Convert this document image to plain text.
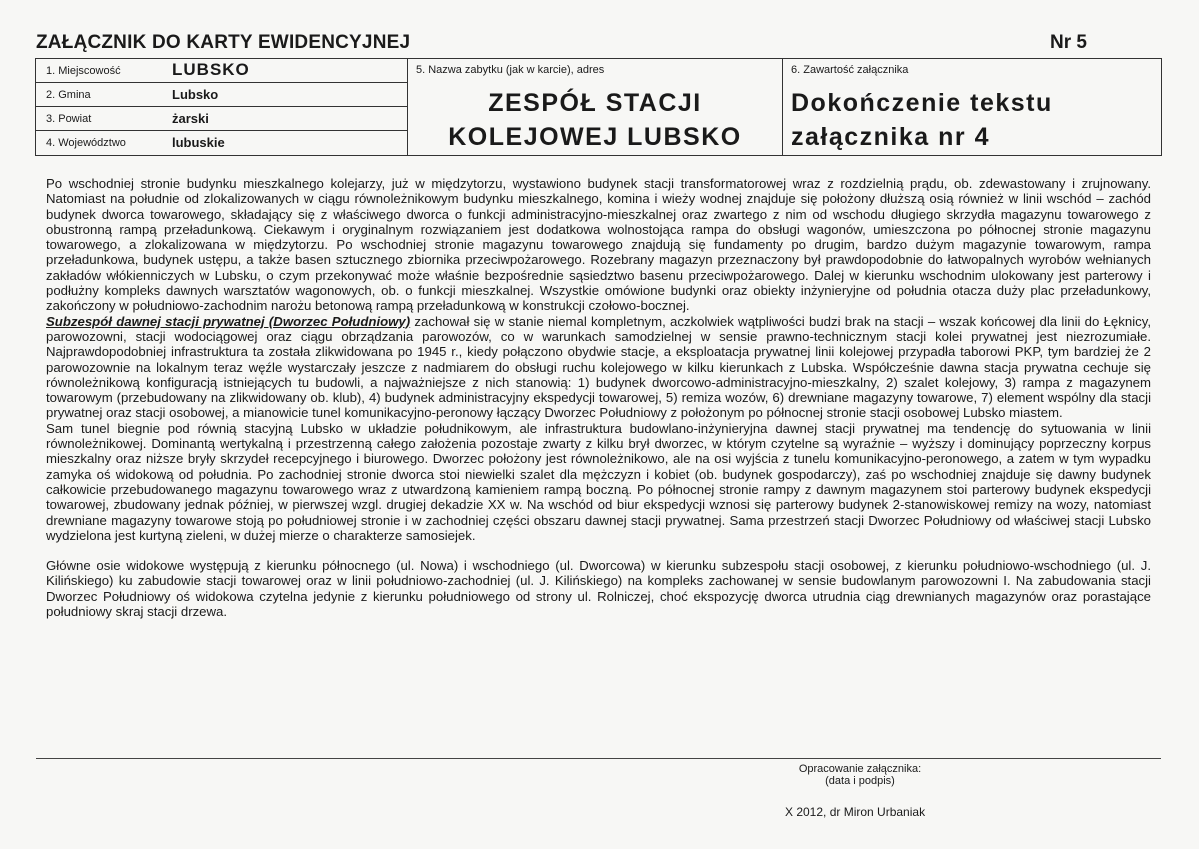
ZAŁĄCZNIK DO KARTY EWIDENCYJNEJ	Nr 5
1. Miejscowość	LUBSKO
2. Gmina	Lubsko
3. Powiat	żarski
4. Województwo	lubuskie
5. Nazwa zabytku (jak w karcie), adres
ZESPÓŁ STACJI
KOLEJOWEJ LUBSKO
6. Zawartość załącznika
Dokończenie tekstu
załącznika nr 4

Po wschodniej stronie budynku mieszkalnego kolejarzy, już w międzytorzu, wystawiono budynek stacji transformatorowej wraz z rozdzielnią prądu, ob. zdewastowany i zrujnowany. Natomiast na południe od zlokalizowanych w ciągu równoleżnikowym budynku mieszkalnego, komina i wieży wodnej znajduje się położony dłuższą osią również w linii wschód – zachód budynek dworca towarowego, składający się z właściwego dworca o funkcji administracyjno-mieszkalnej oraz zwartego z nim od wschodu długiego skrzydła magazynu towarowego z obustronną rampą przeładunkową. Ciekawym i oryginalnym rozwiązaniem jest dodatkowa wolnostojąca rampa do obsługi wagonów, umieszczona po północnej stronie magazynu towarowego, a zlokalizowana w międzytorzu. Po wschodniej stronie magazynu towarowego znajdują się fundamenty po drugim, bardzo dużym magazynie towarowym, rampa przeładunkowa, budynek ustępu, a także basen sztucznego zbiornika przeciwpożarowego. Rozebrany magazyn przeznaczony był prawdopodobnie do łatwopalnych wyrobów wełnianych zakładów włókienniczych w Lubsku, o czym przekonywać może właśnie bezpośrednie sąsiedztwo basenu przeciwpożarowego. Dalej w kierunku wschodnim ulokowany jest parterowy i podłużny kompleks dawnych warsztatów wagonowych, ob. o funkcji mieszkalnej. Wszystkie omówione budynki oraz obiekty inżynieryjne od południa otacza duży plac przeładunkowy, zakończony w południowo-zachodnim narożu betonową rampą przeładunkową w konstrukcji czołowo-bocznej.

Subzespół dawnej stacji prywatnej (Dworzec Południowy) zachował się w stanie niemal kompletnym, aczkolwiek wątpliwości budzi brak na stacji – wszak końcowej dla linii do Łęknicy, parowozowni, stacji wodociągowej oraz ciągu obrządzania parowozów, co w warunkach samodzielnej w sensie prawno-technicznym stacji kolei prywatnej jest niezrozumiałe. Najprawdopodobniej infrastruktura ta została zlikwidowana po 1945 r., kiedy połączono obydwie stacje, a eksploatacja prywatnej linii kolejowej przypadła taborowi PKP, tym bardziej że 2 parowozownie na lokalnym teraz węźle wystarczały jeszcze z nadmiarem do obsługi ruchu kolejowego w kilku kierunkach z Lubska. Współcześnie dawna stacja prywatna cechuje się równoleżnikową konfiguracją istniejących tu budowli, a najważniejsze z nich stanowią: 1) budynek dworcowo-administracyjno-mieszkalny, 2) szalet kolejowy, 3) rampa z magazynem towarowym (przebudowany na zlikwidowany ob. klub), 4) budynek administracyjny ekspedycji towarowej, 5) remiza wozów, 6) drewniane magazyny towarowe, 7) element wspólny dla stacji prywatnej oraz stacji osobowej, a mianowicie tunel komunikacyjno-peronowy łączący Dworzec Południowy z położonym po północnej stronie stacji osobowej Lubsko miastem.

Sam tunel biegnie pod równią stacyjną Lubsko w układzie południkowym, ale infrastruktura budowlano-inżynieryjna dawnej stacji prywatnej ma tendencję do sytuowania w linii równoleżnikowej. Dominantą wertykalną i przestrzenną całego założenia pozostaje zwarty z kilku brył dworzec, w którym czytelne są wyraźnie – wyższy i dominujący poprzeczny korpus mieszkalny oraz niższe bryły skrzydeł recepcyjnego i biurowego. Dworzec położony jest równoleżnikowo, ale na osi wyjścia z tunelu komunikacyjno-peronowego, a zatem w tym wypadku zamyka oś widokową od południa. Po zachodniej stronie dworca stoi niewielki szalet dla mężczyzn i kobiet (ob. budynek gospodarczy), zaś po wschodniej znajduje się dawny budynek całkowicie przebudowanego magazynu towarowego wraz z utwardzoną kamieniem rampą boczną. Po północnej stronie rampy z dawnym magazynem stoi parterowy budynek ekspedycji towarowej, zbudowany jednak później, w pierwszej wzgl. drugiej dekadzie XX w. Na wschód od biur ekspedycji wznosi się parterowy budynek 2-stanowiskowej remizy na wozy, natomiast drewniane magazyny towarowe stoją po południowej stronie i w zachodniej części obszaru dawnej stacji prywatnej. Sama przestrzeń stacji Dworzec Południowy od właściwej stacji Lubsko wydzielona jest kurtyną zieleni, w dużej mierze o charakterze samosiejek.

Główne osie widokowe występują z kierunku północnego (ul. Nowa) i wschodniego (ul. Dworcowa) w kierunku subzespołu stacji osobowej, z kierunku południowo-wschodniego (ul. J. Kilińskiego) ku zabudowie stacji towarowej oraz w linii południowo-zachodniej (ul. J. Kilińskiego) na kompleks zachowanej w sensie budowlanym parowozowni I. Na zabudowania stacji Dworzec Południowy oś widokowa czytelna jedynie z kierunku południowego od strony ul. Rolniczej, choć ekspozycję dworca utrudnia ciąg drewnianych magazynów oraz porastające południowy skraj stacji drzewa.

Opracowanie załącznika:
(data i podpis)
X 2012, dr Miron Urbaniak
